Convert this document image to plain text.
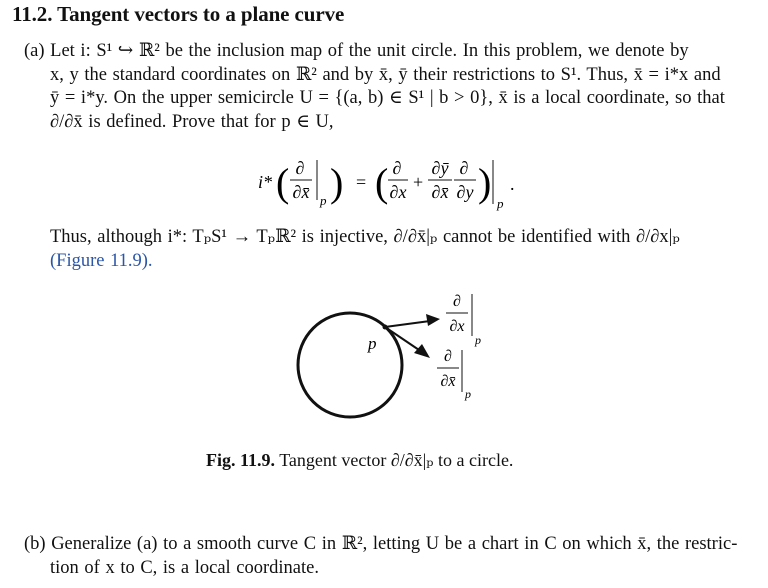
11.2. Tangent vectors to a plane curve
(a) Let i: S¹ ↪ ℝ² be the inclusion map of the unit circle. In this problem, we denote by
x, y the standard coordinates on ℝ² and by x̄, ȳ their restrictions to S¹. Thus, x̄ = i*x and
ȳ = i*y. On the upper semicircle U = {(a, b) ∈ S¹ | b > 0}, x̄ is a local coordinate, so that
∂/∂x̄ is defined. Prove that for p ∈ U,
i* ( ∂
∂x̄ p ) = ( ∂
∂x +
∂ȳ
∂x̄
∂
∂y ) p
.
p
∂
∂x
p
∂
∂x̄
p
Thus, although i*: TₚS¹ → Tₚℝ² is injective, ∂/∂x̄|ₚ cannot be identified with ∂/∂x|ₚ
(Figure 11.9).
Fig. 11.9. Tangent vector ∂/∂x̄|ₚ to a circle.
(b) Generalize (a) to a smooth curve C in ℝ², letting U be a chart in C on which x̄, the restric-
tion of x to C, is a local coordinate.
